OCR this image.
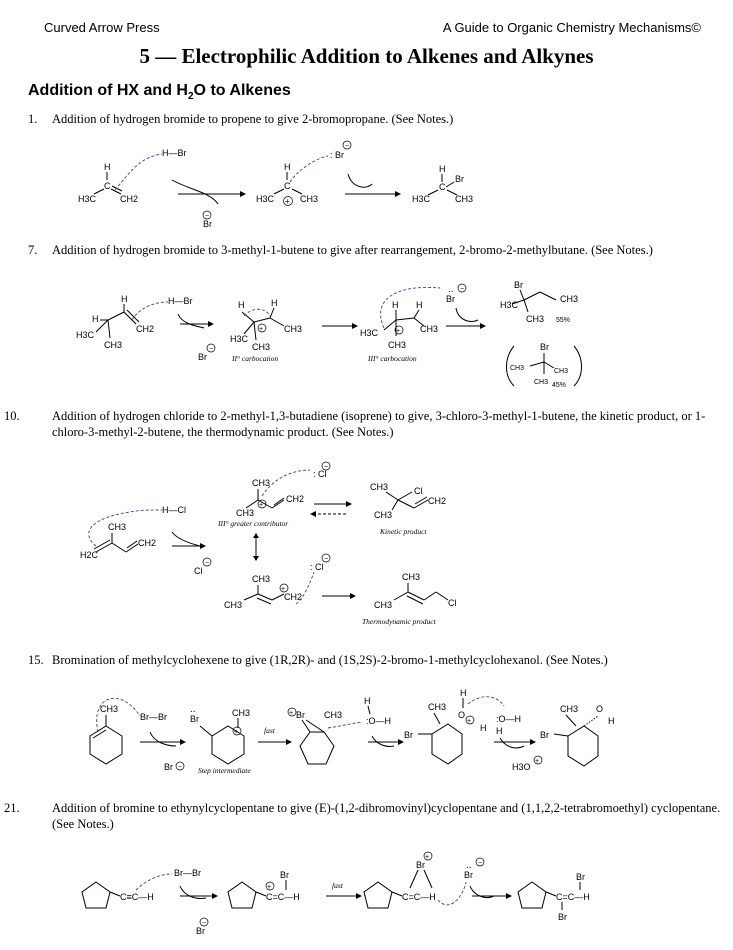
Curved Arrow Press	A Guide to Organic Chemistry Mechanisms©
5 — Electrophilic Addition to Alkenes and Alkynes
Addition of HX and $H_2O$ to Alkenes
1. Addition of hydrogen bromide to propene to give 2-bromopropane. (See Notes.)
H
C
H3C	CH2
H—Br
Br
−
H
C
H3C	CH3
+
: Br
−
H
C
Br
H3C	CH3
7. Addition of hydrogen bromide to 3-methyl-1-butene to give after rearrangement, 2-bromo-2-methylbutane. (See Notes.)
H
CH2
H
H3C
CH3
H—Br
Br
−
H	H
H3C
CH3
CH3
+
II° carbocation
H H
H3C	CH3
CH3
+
III° carbocation
Br
.. −	Br
H3C
CH3
CH3 55%
Br
CH3	CH3
CH3 45%
10.	Addition of hydrogen chloride to 2-methyl-1,3-butadiene (isoprene) to give, 3-chloro-3-methyl-1-butene, the kinetic product, or 1-chloro-3-methyl-2-butene, the thermodynamic product. (See Notes.)
CH3
CH2
H2C
H—Cl
Cl
−
CH3
CH2
CH3
+
III° greater contributor
: Cl
−
CH3	Cl
CH2
CH3
Kinetic product
CH3
CH2
+
CH3
: Cl
−
CH3
Cl
CH3
Thermodynamic product
15. Bromination of methylcyclohexene to give (1R,2R)- and (1S,2S)-2-bromo-1-methylcyclohexanol. (See Notes.)
CH3
Br—Br
Br −
Br
..	CH3
+
Step intermediate
fast
+ Br CH3
H
:O—H
CH3
Br
H
O
+
H
:O—H
H
H3O
+
CH3
Br
O
H
21.	Addition of bromine to ethynylcyclopentane to give (E)-(1,2-dibromovinyl)cyclopentane and (1,1,2,2-tetrabromoethyl) cyclopentane. (See Notes.)
C≡C—H
Br—Br
Br
−
+
Br
C=C—H
fast
+
Br
C=C—H
Br
.. −
Br
C=C—H
Br
